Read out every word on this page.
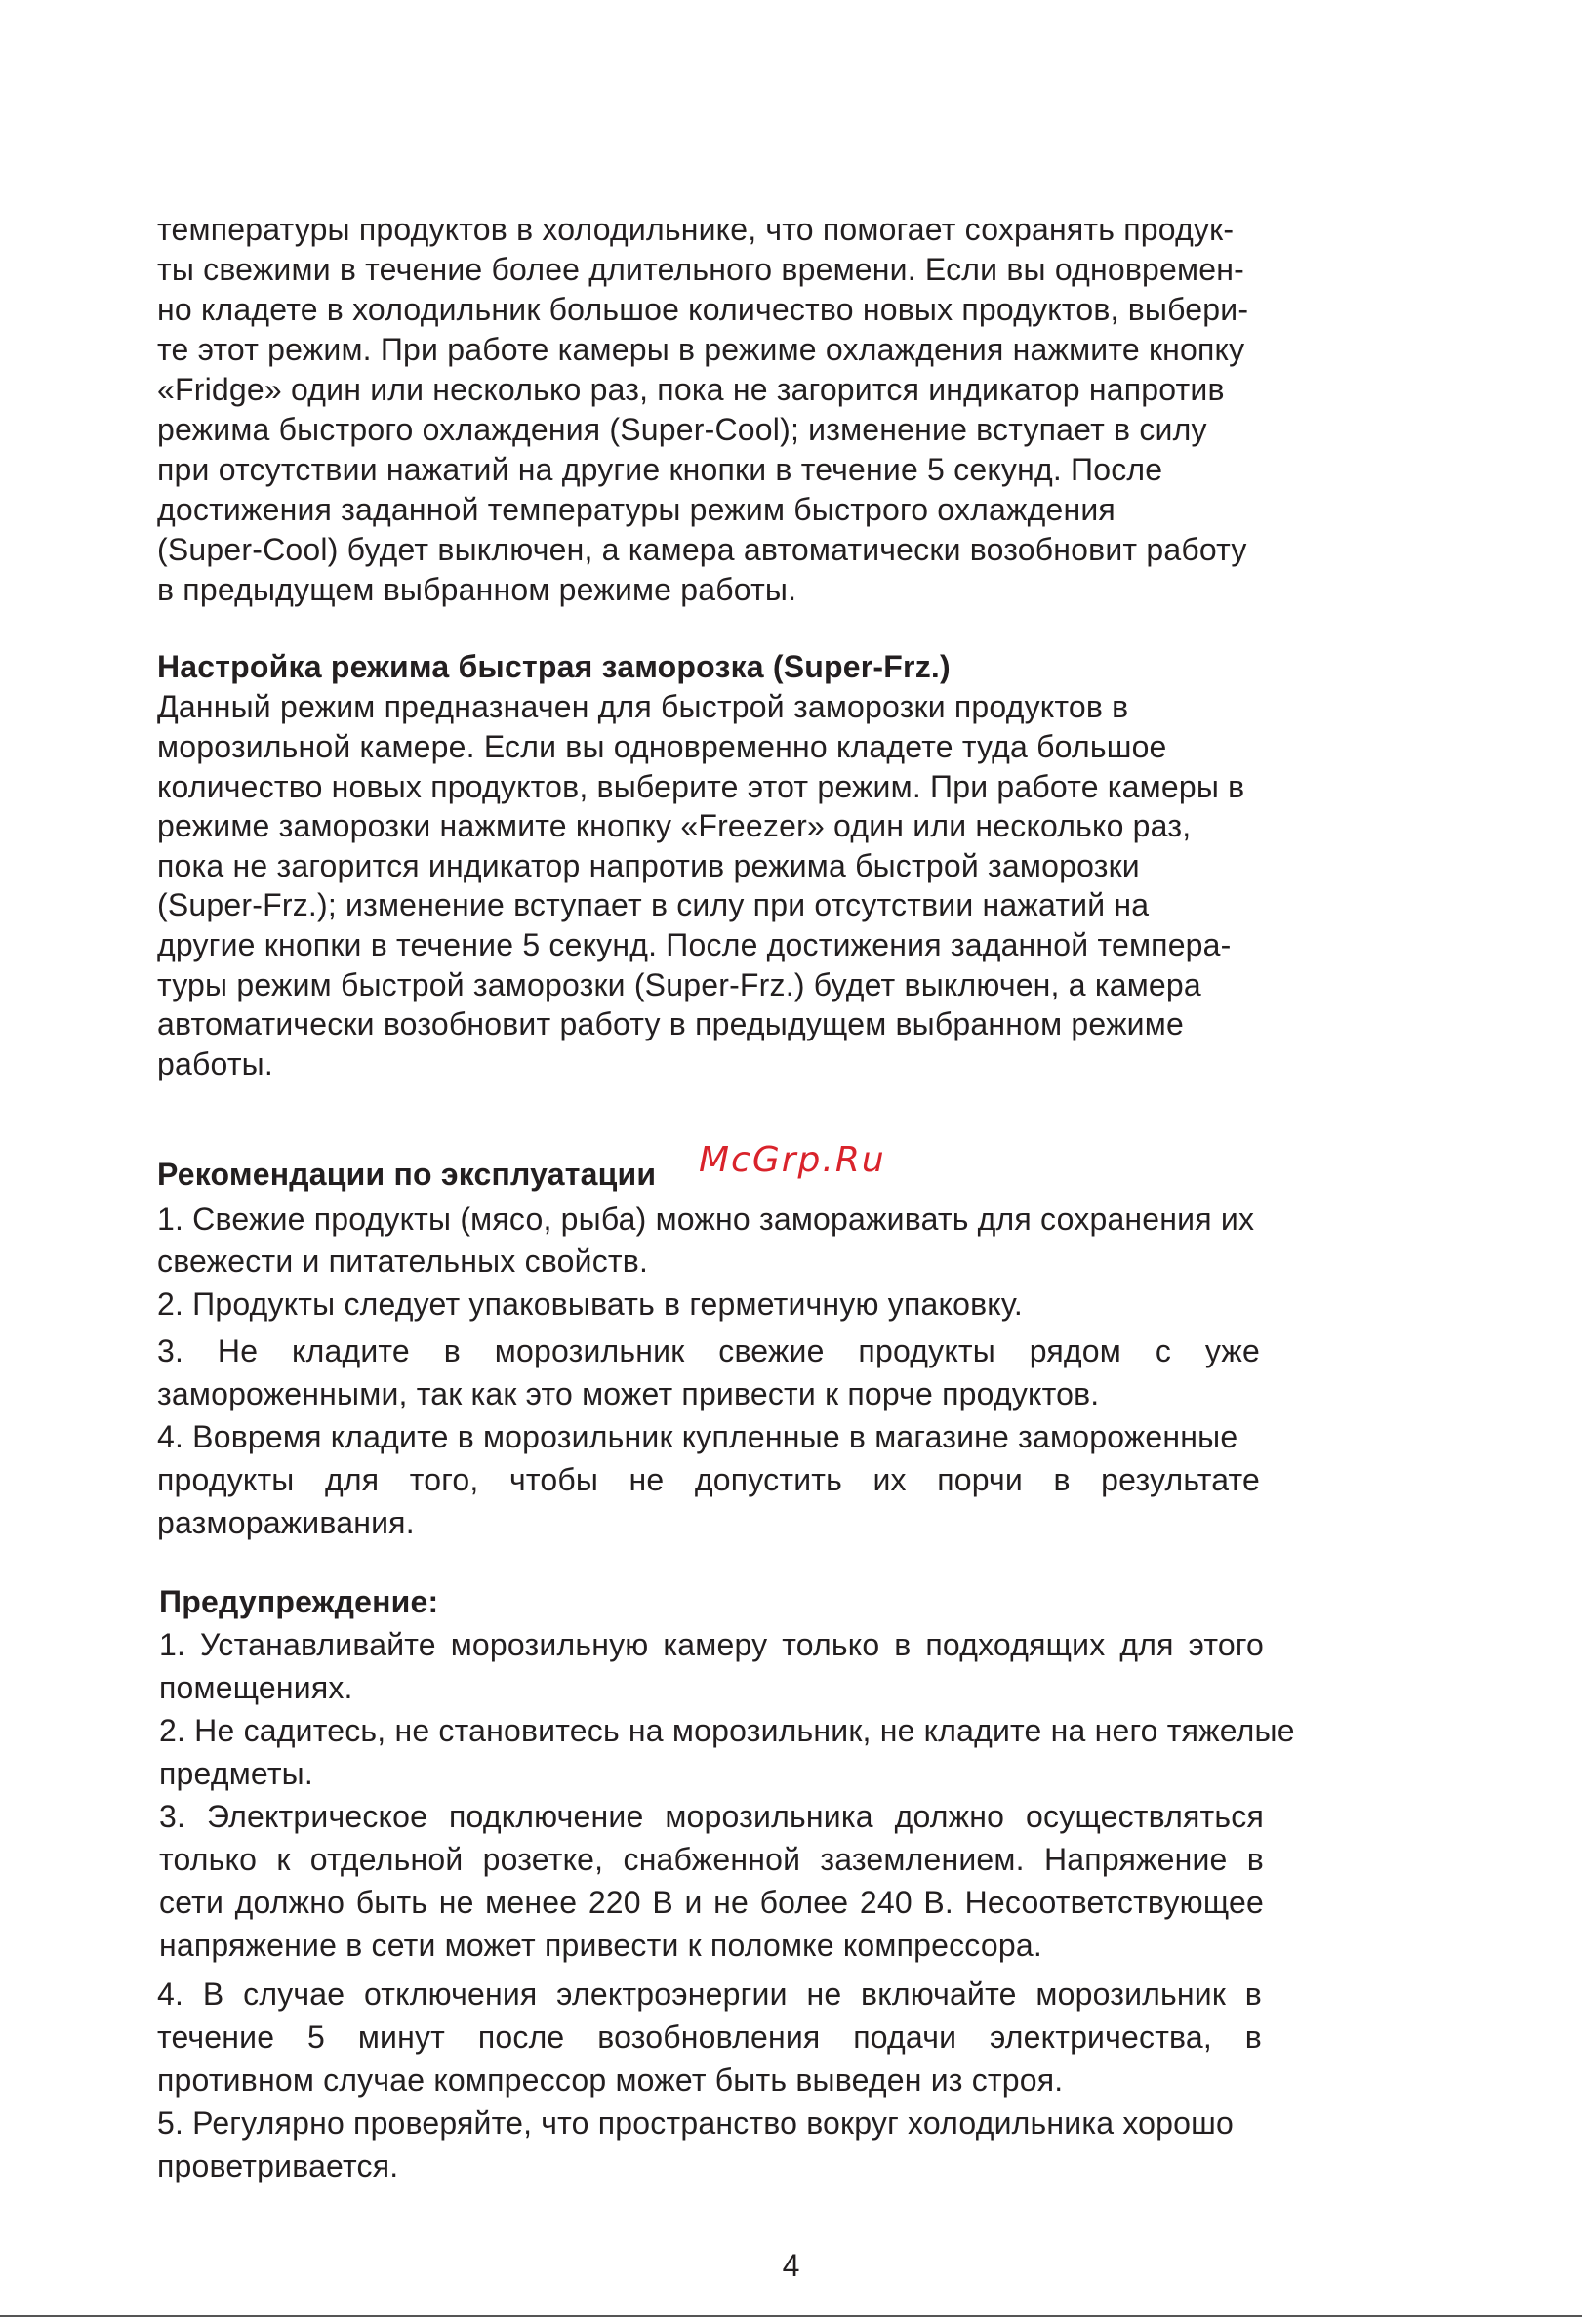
температуры продуктов в холодильнике, что помогает сохранять продук-

ты свежими в течение более длительного времени. Если вы одновремен-

но кладете в холодильник большое количество новых продуктов, выбери-

те этот режим. При работе камеры в режиме охлаждения нажмите кнопку

«Fridge» один или несколько раз, пока не загорится индикатор напротив

режима быстрого охлаждения (Super-Cool); изменение вступает в силу

при отсутствии нажатий на другие кнопки в течение 5 секунд. После

достижения заданной температуры режим быстрого охлаждения

(Super-Cool) будет выключен, а камера автоматически возобновит работу

в предыдущем выбранном режиме работы.

Настройка режима быстрая заморозка (Super-Frz.)

Данный режим предназначен для быстрой заморозки продуктов в

морозильной камере. Если вы одновременно кладете туда большое

количество новых продуктов, выберите этот режим. При работе камеры в

режиме заморозки нажмите кнопку «Freezer» один или несколько раз,

пока не загорится индикатор напротив режима быстрой заморозки

(Super-Frz.); изменение вступает в силу при отсутствии нажатий на

другие кнопки в течение 5 секунд. После достижения заданной темпера-

туры режим быстрой заморозки (Super-Frz.) будет выключен, а камера

автоматически возобновит работу в предыдущем выбранном режиме

работы.

Рекомендации по эксплуатации McGrp.Ru

1. Свежие продукты (мясо, рыба) можно замораживать для сохранения их

свежести и питательных свойств.

2. Продукты следует упаковывать в герметичную упаковку.

3. Не кладите в морозильник свежие продукты рядом с уже

замороженными, так как это может привести к порче продуктов.

4. Вовремя кладите в морозильник купленные в магазине замороженные

продукты для того, чтобы не допустить их порчи в результате

размораживания.

Предупреждение:

1. Устанавливайте морозильную камеру только в подходящих для этого

помещениях.

2. Не садитесь, не становитесь на морозильник, не кладите на него тяжелые

предметы.

3. Электрическое подключение морозильника должно осуществляться

только к отдельной розетке, снабженной заземлением. Напряжение в

сети должно быть не менее 220 В и не более 240 В. Несоответствующее

напряжение в сети может привести к поломке компрессора.

4. В случае отключения электроэнергии не включайте морозильник в

течение 5 минут после возобновления подачи электричества, в

противном случае компрессор может быть выведен из строя.

5. Регулярно проверяйте, что пространство вокруг холодильника хорошо

проветривается.

4
